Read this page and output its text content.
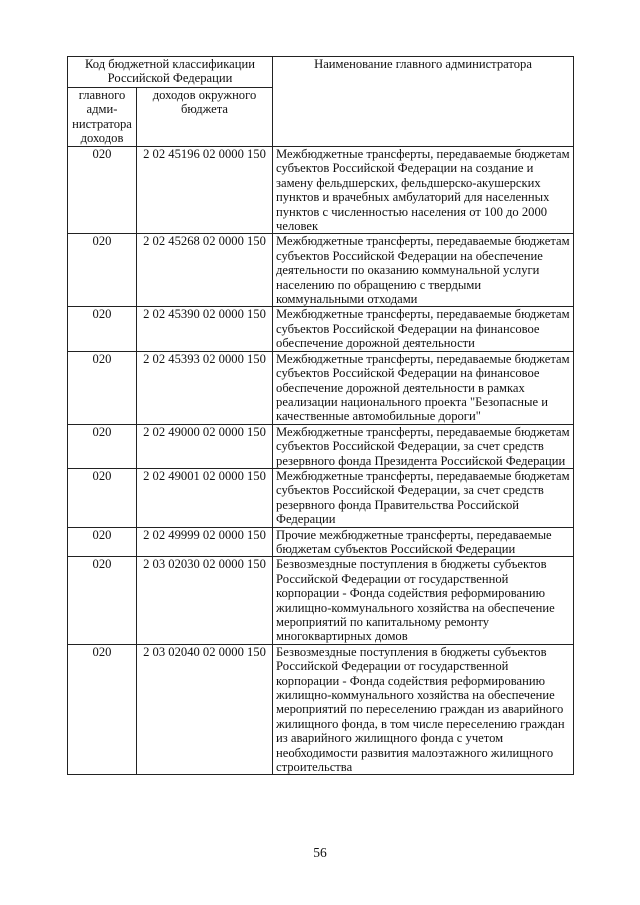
Код бюджетной классификации Российской Федерации		Наименование главного администратора
главного адми-нистратора доходов	доходов окружного бюджета	
020	2 02 45196 02 0000 150	Межбюджетные трансферты, передаваемые бюджетам субъектов Российской Федерации на создание и замену фельдшерских, фельдшерско-акушерских пунктов и врачебных амбулаторий для населенных пунктов с численностью населения от 100 до 2000 человек
020	2 02 45268 02 0000 150	Межбюджетные трансферты, передаваемые бюджетам субъектов Российской Федерации на обеспечение деятельности по оказанию коммунальной услуги населению по обращению с твердыми коммунальными отходами
020	2 02 45390 02 0000 150	Межбюджетные трансферты, передаваемые бюджетам субъектов Российской Федерации на финансовое обеспечение дорожной деятельности
020	2 02 45393 02 0000 150	Межбюджетные трансферты, передаваемые бюджетам субъектов Российской Федерации на финансовое обеспечение дорожной деятельности в рамках реализации национального проекта "Безопасные и качественные автомобильные дороги"
020	2 02 49000 02 0000 150	Межбюджетные трансферты, передаваемые бюджетам субъектов Российской Федерации, за счет средств резервного фонда Президента Российской Федерации
020	2 02 49001 02 0000 150	Межбюджетные трансферты, передаваемые бюджетам субъектов Российской Федерации, за счет средств резервного фонда Правительства Российской Федерации
020	2 02 49999 02 0000 150	Прочие межбюджетные трансферты, передаваемые бюджетам субъектов Российской Федерации
020	2 03 02030 02 0000 150	Безвозмездные поступления в бюджеты субъектов Российской Федерации от государственной корпорации - Фонда содействия реформированию жилищно-коммунального хозяйства на обеспечение мероприятий по капитальному ремонту многоквартирных домов
020	2 03 02040 02 0000 150	Безвозмездные поступления в бюджеты субъектов Российской Федерации от государственной корпорации - Фонда содействия реформированию жилищно-коммунального хозяйства на обеспечение мероприятий по переселению граждан из аварийного жилищного фонда, в том числе переселению граждан из аварийного жилищного фонда с учетом необходимости развития малоэтажного жилищного строительства
56
